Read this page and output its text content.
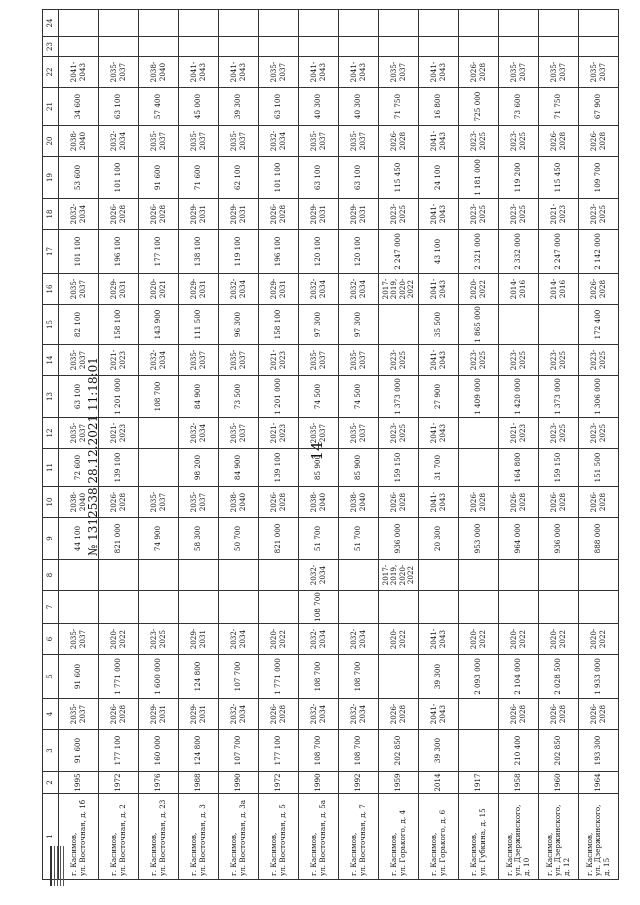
14
1	2	3	4	5	6	7	8	9	10	11	12	13	14	15	16	17	18	19	20	21	22	23	24
г. Касимов,
ул. Восточная, д. 1б	1995	91 600	2035-
2037	91 600	2035-
2037			44 100	2038-
2040	72 600	2035-
2037	63 100	2035-
2037	82 100	2035-
2037	101 100	2032-
2034	53 600	2038-
2040	34 600	2041-
2043		
г. Касимов,
ул. Восточная, д. 2	1972	177 100	2026-
2028	1 771 000	2020-
2022			821 000	2026-
2028	139 100	2021-
2023	1 201 000	2021-
2023	158 100	2029-
2031	196 100	2026-
2028	101 100	2032-
2034	63 100	2035-
2037		
г. Касимов,
ул. Восточная, д. 23	1976	160 000	2029-
2031	1 600 000	2023-
2025			74 900	2035-
2037			108 700	2032-
2034	143 900	2020-
2021	177 100	2026-
2028	91 600	2035-
2037	57 400	2038-
2040		
г. Касимов,
ул. Восточная, д. 3	1988	124 800	2029-
2031	124 800	2029-
2031			58 300	2035-
2037	98 200	2032-
2034	84 900	2035-
2037	111 500	2029-
2031	138 100	2029-
2031	71 600	2035-
2037	45 000	2041-
2043		
г. Касимов,
ул. Восточная, д. 3а	1990	107 700	2032-
2034	107 700	2032-
2034			50 700	2038-
2040	84 900	2035-
2037	73 500	2035-
2037	96 300	2032-
2034	119 100	2029-
2031	62 100	2035-
2037	39 300	2041-
2043		
г. Касимов,
ул. Восточная, д. 5	1972	177 100	2026-
2028	1 771 000	2020-
2022			821 000	2026-
2028	139 100	2021-
2023	1 201 000	2021-
2023	158 100	2029-
2031	196 100	2026-
2028	101 100	2032-
2034	63 100	2035-
2037		
г. Касимов,
ул. Восточная, д. 5а	1990	108 700	2032-
2034	108 700	2032-
2034	108 700	2032-
2034	51 700	2038-
2040	85 900	2035-
2037	74 500	2035-
2037	97 300	2032-
2034	120 100	2029-
2031	63 100	2035-
2037	40 300	2041-
2043		
г. Касимов,
ул. Восточная, д. 7	1992	108 700	2032-
2034	108 700	2032-
2034			51 700	2038-
2040	85 900	2035-
2037	74 500	2035-
2037	97 300	2032-
2034	120 100	2029-
2031	63 100	2035-
2037	40 300	2041-
2043		
г. Касимов,
ул. Горького, д. 4	1959	202 850	2026-
2028		2020-
2022		2017-
2019,
2020-
2022	936 000	2026-
2028	159 150	2023-
2025	1 373 000	2023-
2025		2017-
2019,
2020-
2022	2 247 000	2023-
2025	115 450	2026-
2028	71 750	2035-
2037		
г. Касимов,
ул. Горького, д. 6	2014	39 300	2041-
2043	39 300	2041-
2043			20 300	2041-
2043	31 700	2041-
2043	27 900	2041-
2043	35 500	2041-
2043	43 100	2041-
2043	24 100	2041-
2043	16 800	2041-
2043		
г. Касимов,
ул. Губкина, д. 15	1917			2 093 000	2020-
2022			953 000	2026-
2028			1 409 000	2023-
2025	1 865 000	2020-
2022	2 321 000	2023-
2025	1 181 000	2023-
2025	725 000	2026-
2028		
г. Касимов,
ул. Дзержинского,
д. 10	1958	210 400	2026-
2028	2 104 000	2020-
2022			964 000	2026-
2028	164 800	2021-
2023	1 420 000	2023-
2025		2014-
2016	2 332 000	2023-
2025	119 200	2023-
2025	73 600	2035-
2037		
г. Касимов,
ул. Дзержинского,
д. 12	1960	202 850	2026-
2028	2 028 500	2020-
2022			936 000	2026-
2028	159 150	2023-
2025	1 373 000	2023-
2025		2014-
2016	2 247 000	2021-
2023	115 450	2026-
2028	71 750	2035-
2037		
г. Касимов,
ул. Дзержинского,
д. 15	1964	193 300	2026-
2028	1 933 000	2020-
2022			888 000	2026-
2028	151 500	2023-
2025	1 306 000	2023-
2025	172 400	2026-
2028	2 142 000	2023-
2025	109 700	2026-
2028	67 900	2035-
2037		
№ 1312538 28.12.2021 11:18:01
